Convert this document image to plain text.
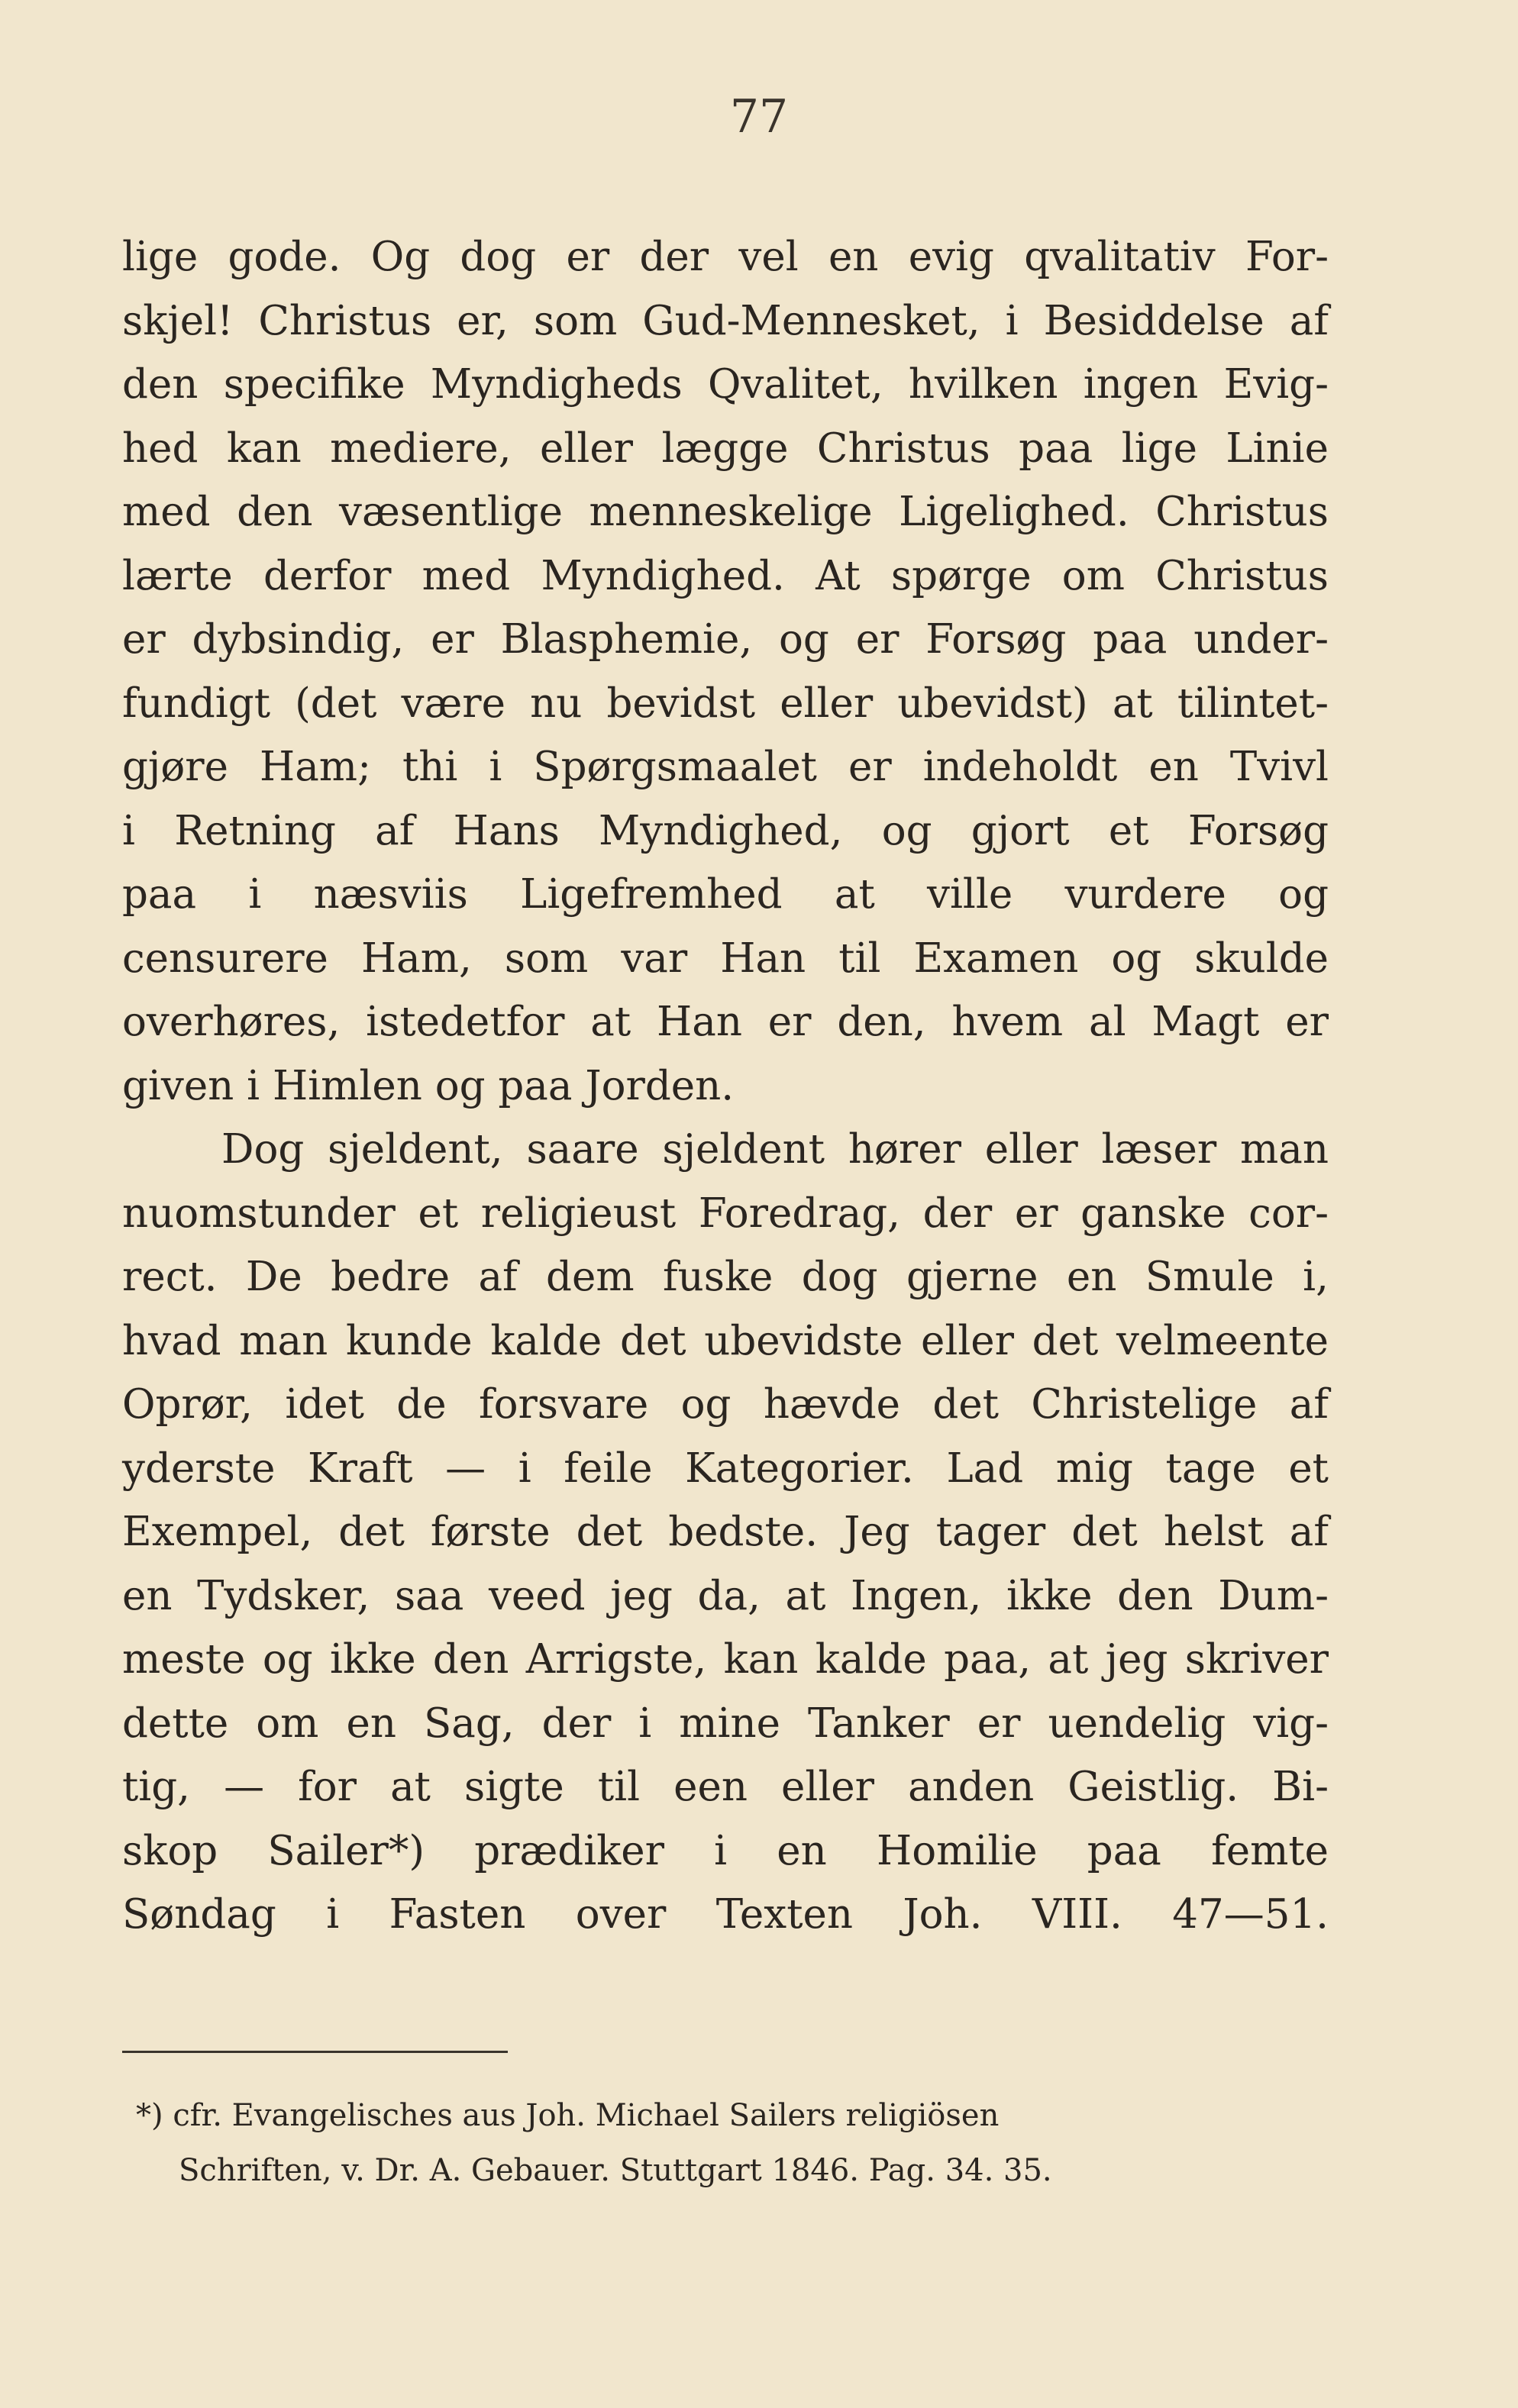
77
lige gode. Og dog er der vel en evig qvalitativ For-
skjel! Christus er, som Gud-Mennesket, i Besiddelse af
den specifike Myndigheds Qvalitet, hvilken ingen Evig-
hed kan mediere, eller lægge Christus paa lige Linie
med den væsentlige menneskelige Ligelighed. Christus
lærte derfor med Myndighed. At spørge om Christus
er dybsindig, er Blasphemie, og er Forsøg paa under-
fundigt (det være nu bevidst eller ubevidst) at tilintet-
gjøre Ham; thi i Spørgsmaalet er indeholdt en Tvivl
i Retning af Hans Myndighed, og gjort et Forsøg
paa i næsviis Ligefremhed at ville vurdere og
censurere Ham, som var Han til Examen og skulde
overhøres, istedetfor at Han er den, hvem al Magt er
given i Himlen og paa Jorden.
Dog sjeldent, saare sjeldent hører eller læser man
nuomstunder et religieust Foredrag, der er ganske cor-
rect. De bedre af dem fuske dog gjerne en Smule i,
hvad man kunde kalde det ubevidste eller det velmeente
Oprør, idet de forsvare og hævde det Christelige af
yderste Kraft — i feile Kategorier. Lad mig tage et
Exempel, det første det bedste. Jeg tager det helst af
en Tydsker, saa veed jeg da, at Ingen, ikke den Dum-
meste og ikke den Arrigste, kan kalde paa, at jeg skriver
dette om en Sag, der i mine Tanker er uendelig vig-
tig, — for at sigte til een eller anden Geistlig. Bi-
skop Sailer*) prædiker i en Homilie paa femte
Søndag i Fasten over Texten Joh. VIII. 47—51.
*) cfr. Evangelisches aus Joh. Michael Sailers religiösen
Schriften, v. Dr. A. Gebauer. Stuttgart 1846. Pag. 34. 35.
